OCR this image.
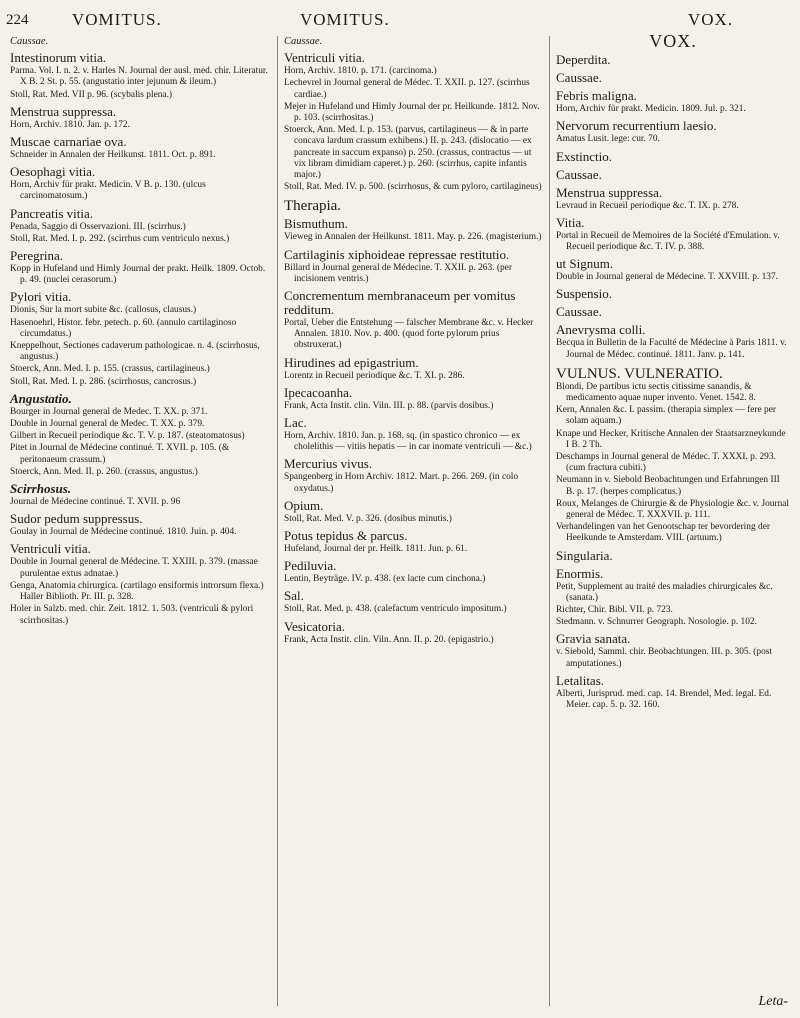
224	VOMITUS.	VOMITUS.	VOX.
Caussae.
Intestinorum vitia.
Parma. Vol. I. n. 2. v. Harles N. Journal der ausl. med. chir. Literatur. X B. 2 St. p. 55. (angustatio inter jejunum & ileum.)
Stoll, Rat. Med. VII p. 96. (scybalis plena.)
Menstrua suppressa.
Horn, Archiv. 1810. Jan. p. 172.
Muscae carnariae ova.
Schneider in Annalen der Heilkunst. 1811. Oct. p. 891.
Oesophagi vitia.
Horn, Archiv für prakt. Medicin. V B. p. 130. (ulcus carcinomatosum.)
Pancreatis vitia.
Penada, Saggio di Osservazioni. III. (scirrhus.)
Stoll, Rat. Med. I. p. 292. (scirrhus cum ventriculo nexus.)
Peregrina.
Kopp in Hufeland und Himly Journal der prakt. Heilk. 1809. Octob. p. 49. (nuclei cerasorum.)
Pylori vitia.
Dionis, Sur la mort subite &c. (callosus, clausus.)
Hasenoehrl, Histor. febr. petech. p. 60. (annulo cartilaginoso circumdatus.)
Kneppelhout, Sectiones cadaverum pathologicae. n. 4. (scirrhosus, angustus.)
Stoerck, Ann. Med. I. p. 155. (crassus, cartilagineus.)
Stoll, Rat. Med. I. p. 286. (scirrhosus, cancrosus.)
Angustatio.
Bourger in Journal general de Medec. T. XX. p. 371.
Double in Journal general de Medec. T. XX. p. 379.
Gilbert in Recueil periodique &c. T. V. p. 187. (steatomatosus)
Pitet in Journal de Médecine continué. T. XVII. p. 105. (& peritonaeum crassum.)
Stoerck, Ann. Med. II. p. 260. (crassus, angustus.)
Scirrhosus.
Journal de Médecine continué. T. XVII. p. 96
Sudor pedum suppressus.
Goulay in Journal de Médecine continué. 1810. Juin. p. 404.
Ventriculi vitia.
Double in Journal general de Médecine. T. XXIII. p. 379. (massae purulentae extus adnatae.)
Genga, Anatomia chirurgica. (cartilago ensiformis introrsum flexa.) Haller Biblioth. Pr. III. p. 328.
Holer in Salzb. med. chir. Zeit. 1812. 1. 503. (ventriculi & pylori scirrhositas.)
Caussae.
Ventriculi vitia.
Horn, Archiv. 1810. p. 171. (carcinoma.)
Lechevrel in Journal general de Médec. T. XXII. p. 127. (scirrhus cardiae.)
Mejer in Hufeland und Himly Journal der pr. Heilkunde. 1812. Nov. p. 103. (scirrhositas.)
Stoerck, Ann. Med. I. p. 153. (parvus, cartilagineus — & in parte concava lardum crassum exhibens.) II. p. 243. (dislocatio — ex pancreate in saccum expanso) p. 250. (crassus, contractus — ut vix libram dimidiam caperet.) p. 260. (scirrhus, capite infantis major.)
Stoll, Rat. Med. IV. p. 500. (scirrhosus, & cum pyloro, cartilagineus)
Therapia.
Bismuthum.
Vieweg in Annalen der Heilkunst. 1811. May. p. 226. (magisterium.)
Cartilaginis xiphoideae repressae restitutio.
Billard in Journal general de Médecine. T. XXII. p. 263. (per incisionem ventris.)
Concrementum membranaceum per vomitus redditum.
Portal, Ueber die Entstehung — falscher Membrane &c. v. Hecker Annalen. 1810. Nov. p. 400. (quod forte pylorum prius obstruxerat.)
Hirudines ad epigastrium.
Lorentz in Recueil periodique &c. T. XI. p. 286.
Ipecacoanha.
Frank, Acta Instit. clin. Viln. III. p. 88. (parvis dosibus.)
Lac.
Horn, Archiv. 1810. Jan. p. 168. sq. (in spastico chronico — ex cholelithis — vitiis hepatis — in car inomate ventriculi — &c.)
Mercurius vivus.
Spangenberg in Horn Archiv. 1812. Mart. p. 266. 269. (in colo oxydatus.)
Opium.
Stoll, Rat. Med. V. p. 326. (dosibus minutis.)
Potus tepidus & parcus.
Hufeland, Journal der pr. Heilk. 1811. Jun. p. 61.
Pediluvia.
Lentin, Beyträge. IV. p. 438. (ex lacte cum cinchona.)
Sal.
Stoll, Rat. Med. p. 438. (calefactum ventriculo impositum.)
Vesicatoria.
Frank, Acta Instit. clin. Viln. Ann. II. p. 20. (epigastrio.)
VOX.
Deperdita.
Caussae.
Febris maligna.
Horn, Archiv für prakt. Medicin. 1809. Jul. p. 321.
Nervorum recurrentium laesio.
Amatus Lusit. lege: cur. 70.
Exstinctio.
Caussae.
Menstrua suppressa.
Levraud in Recueil periodique &c. T. IX. p. 278.
Vitia.
Portal in Recueil de Memoires de la Société d'Emulation. v. Recueil periodique &c. T. IV. p. 388.
ut Signum.
Double in Journal general de Médecine. T. XXVIII. p. 137.
Suspensio.
Caussae.
Anevrysma colli.
Becqua in Bulletin de la Faculté de Médecine à Paris 1811. v. Journal de Médec. continué. 1811. Janv. p. 141.
VULNUS. VULNERATIO.
Blondi, De partibus ictu sectis citissime sanandis, & medicamento aquae nuper invento. Venet. 1542. 8.
Kern, Annalen &c. I. passim. (therapia simplex — fere per solam aquam.)
Knape und Hecker, Kritische Annalen der Staatsarzneykunde I B. 2 Th.
Deschamps in Journal general de Médec. T. XXXI. p. 293. (cum fractura cubiti.)
Neumann in v. Siebold Beobachtungen und Erfahrungen III B. p. 17. (herpes complicatus.)
Roux, Melanges de Chirurgie & de Physiologie &c. v. Journal general de Médec. T. XXXVII. p. 111.
Verhandelingen van het Genootschap ter bevordering der Heelkunde te Amsterdam. VIII. (artuum.)
Singularia.
Enormis.
Petit, Supplement au traité des maladies chirurgicales &c. (sanata.)
Richter, Chir. Bibl. VII. p. 723.
Stedmann. v. Schnurrer Geograph. Nosologie. p. 102.
Gravia sanata.
v. Siebold, Samml. chir. Beobachtungen. III. p. 305. (post amputationes.)
Letalitas.
Alberti, Jurisprud. med. cap. 14. Brendel, Med. legal. Ed. Meier. cap. 5. p. 32. 160.
Leta-
